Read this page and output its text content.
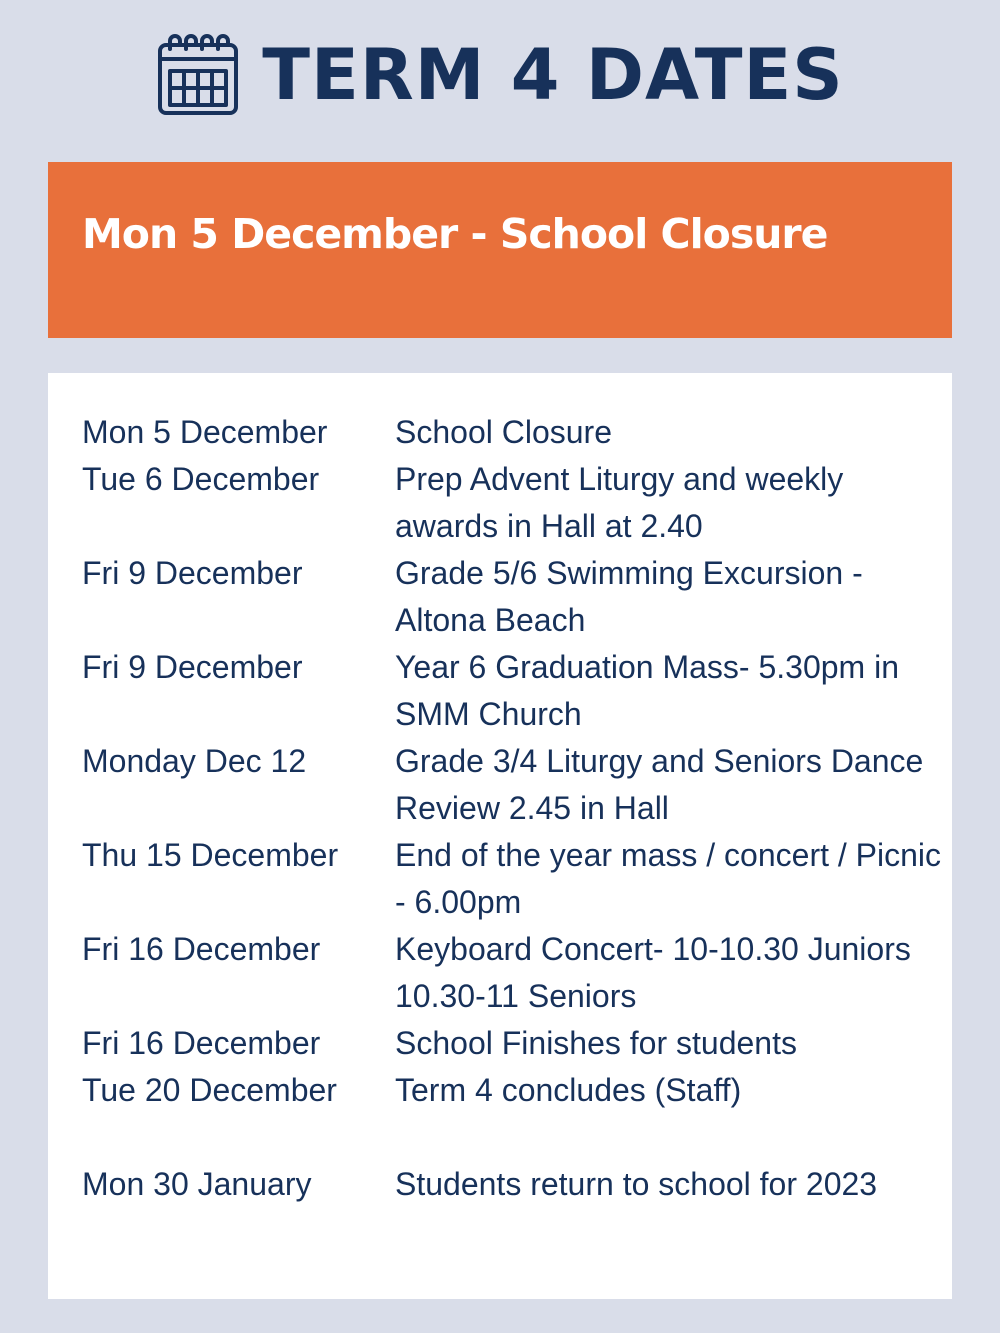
TERM 4 DATES
Mon 5 December - School Closure
Mon 5 December	School Closure
Tue 6 December	Prep Advent Liturgy and weekly awards in Hall at 2.40
Fri 9 December	Grade 5/6 Swimming Excursion - Altona Beach
Fri 9 December	Year 6 Graduation Mass- 5.30pm in SMM Church
Monday Dec 12	Grade 3/4 Liturgy and Seniors Dance Review 2.45 in Hall
Thu 15 December	End of the year mass / concert / Picnic - 6.00pm
Fri 16 December	Keyboard Concert- 10-10.30 Juniors 10.30-11 Seniors
Fri 16 December	School Finishes for students
Tue 20 December	Term 4 concludes (Staff)
Mon 30 January	Students return to school for 2023
